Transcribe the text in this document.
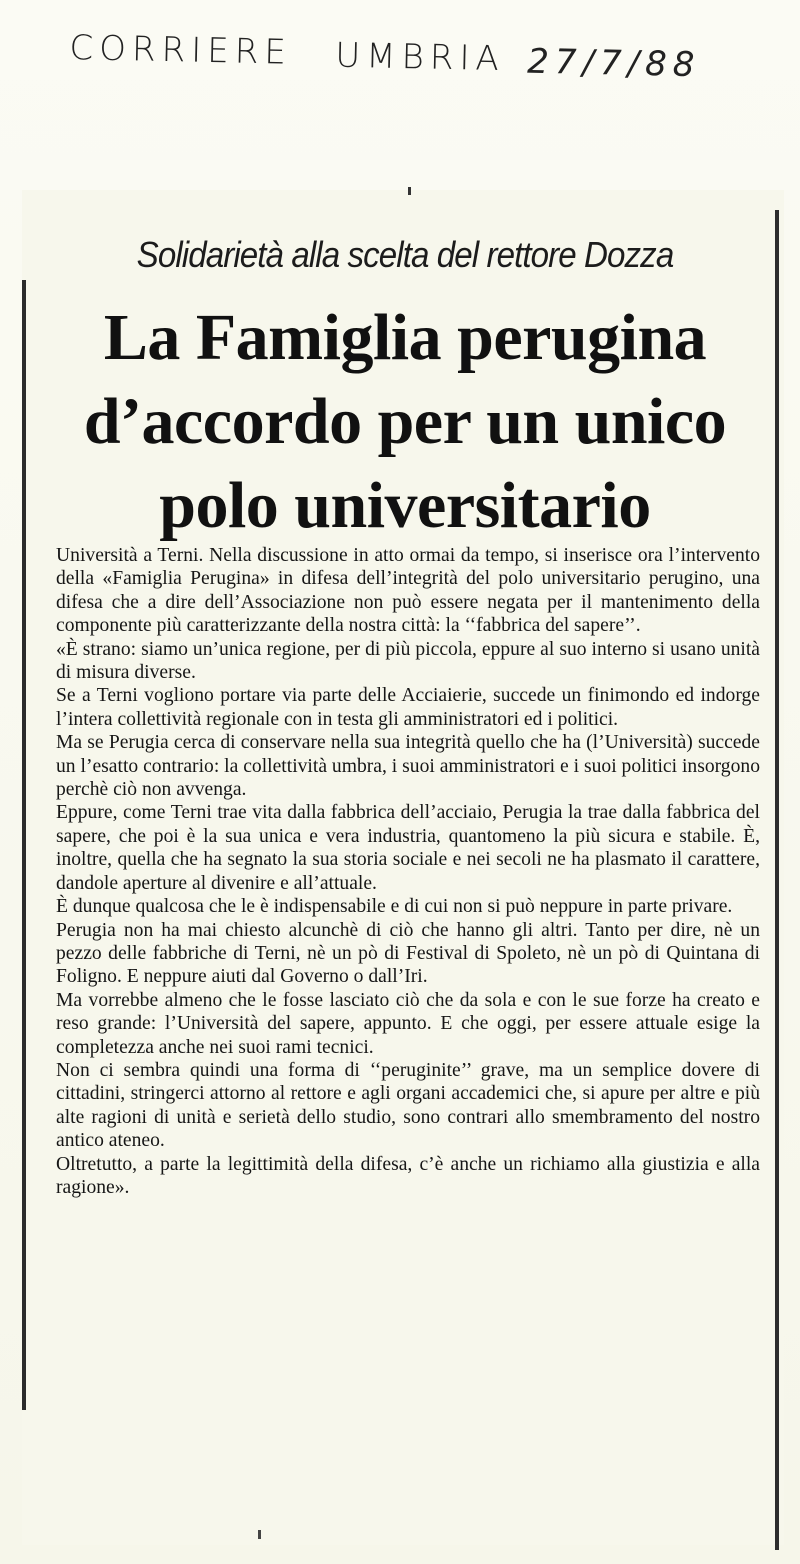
CORRIERE UMBRIA 27/7/88
Solidarietà alla scelta del rettore Dozza
La Famiglia perugina
d’accordo per un unico
polo universitario

Università a Terni. Nella discussione in atto ormai da tempo, si inserisce ora l’intervento della «Famiglia Perugina» in difesa dell’integrità del polo universitario perugino, una difesa che a dire dell’Associazione non può essere negata per il mantenimento della componente più caratterizzante della nostra città: la ‘‘fabbrica del sapere’’.

«È strano: siamo un’unica regione, per di più piccola, eppure al suo interno si usano unità di misura diverse.

Se a Terni vogliono portare via parte delle Acciaierie, succede un finimondo ed indorge l’intera collettività regionale con in testa gli amministratori ed i politici.

Ma se Perugia cerca di conservare nella sua integrità quello che ha (l’Università) succede un l’esatto contrario: la collettività umbra, i suoi amministratori e i suoi politici insorgono perchè ciò non avvenga.

Eppure, come Terni trae vita dalla fabbrica dell’acciaio, Perugia la trae dalla fabbrica del sapere, che poi è la sua unica e vera industria, quantomeno la più sicura e stabile. È, inoltre, quella che ha segnato la sua storia sociale e nei secoli ne ha plasmato il carattere, dandole aperture al divenire e all’attuale.

È dunque qualcosa che le è indispensabile e di cui non si può neppure in parte privare.

Perugia non ha mai chiesto alcunchè di ciò che hanno gli altri. Tanto per dire, nè un pezzo delle fabbriche di Terni, nè un pò di Festival di Spoleto, nè un pò di Quintana di Foligno. E neppure aiuti dal Governo o dall’Iri.

Ma vorrebbe almeno che le fosse lasciato ciò che da sola e con le sue forze ha creato e reso grande: l’Università del sapere, appunto. E che oggi, per essere attuale esige la completezza anche nei suoi rami tecnici.

Non ci sembra quindi una forma di ‘‘peruginite’’ grave, ma un semplice dovere di cittadini, stringerci attorno al rettore e agli organi accademici che, si apure per altre e più alte ragioni di unità e serietà dello studio, sono contrari allo smembramento del nostro antico ateneo.

Oltretutto, a parte la legittimità della difesa, c’è anche un richiamo alla giustizia e alla ragione».
